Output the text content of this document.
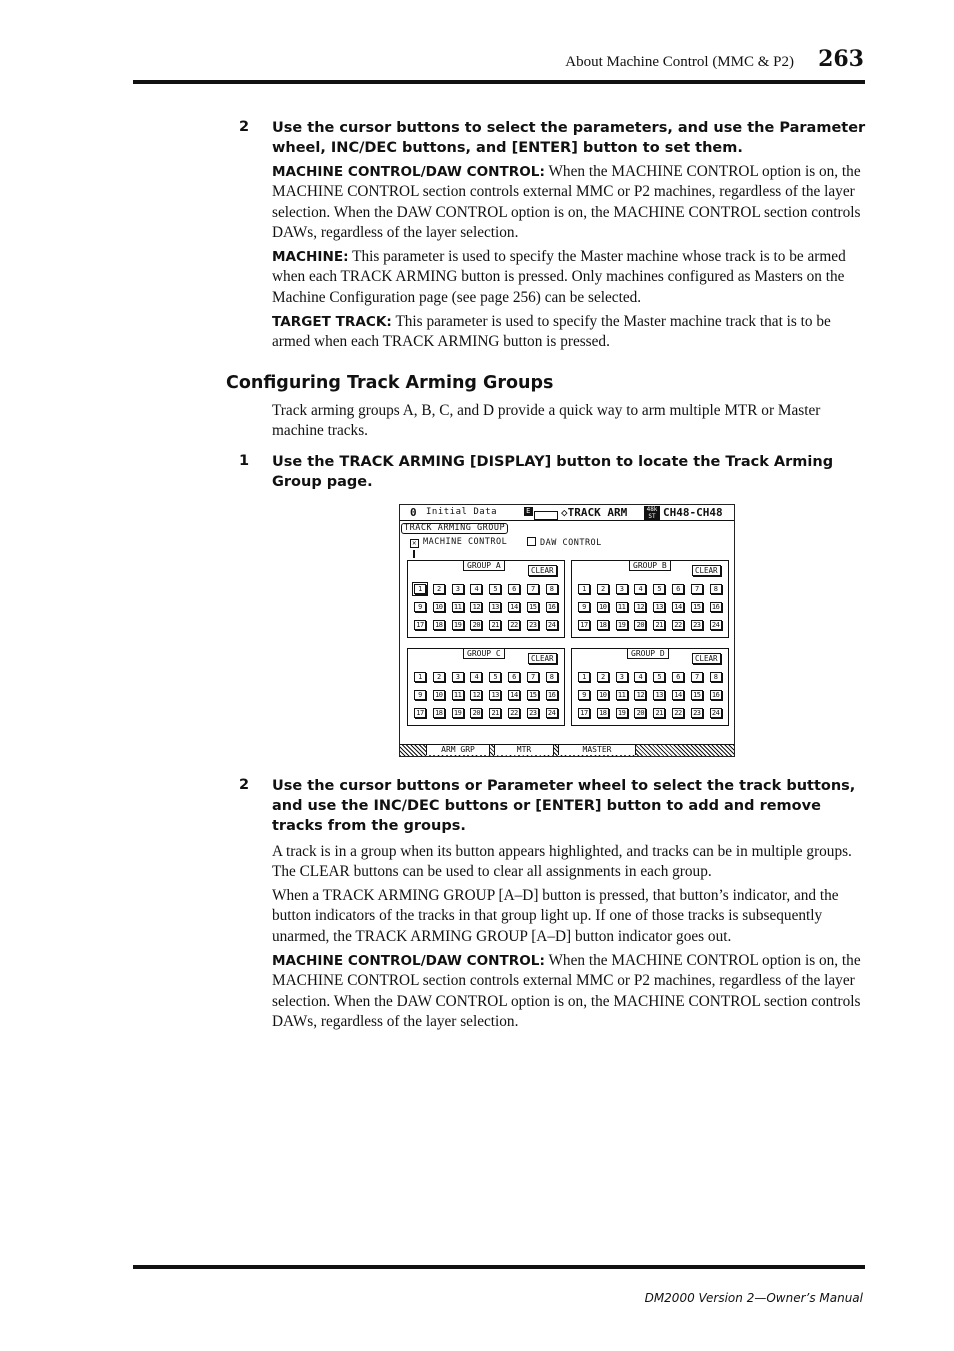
About Machine Control (MMC & P2) 263
2 Use the cursor buttons to select the parameters, and use the Parameter wheel, INC/DEC buttons, and [ENTER] button to set them.
MACHINE CONTROL/DAW CONTROL: When the MACHINE CONTROL option is on, the MACHINE CONTROL section controls external MMC or P2 machines, regardless of the layer selection. When the DAW CONTROL option is on, the MACHINE CONTROL section controls DAWs, regardless of the layer selection.
MACHINE: This parameter is used to specify the Master machine whose track is to be armed when each TRACK ARMING button is pressed. Only machines configured as Masters on the Machine Configuration page (see page 256) can be selected.
TARGET TRACK: This parameter is used to specify the Master machine track that is to be armed when each TRACK ARMING button is pressed.
Configuring Track Arming Groups
Track arming groups A, B, C, and D provide a quick way to arm multiple MTR or Master machine tracks.
1 Use the TRACK ARMING [DISPLAY] button to locate the Track Arming Group page.
0 Initial Data	E	◇TRACK ARM	48k
ST CH48-CH48
TRACK ARMING GROUP
✕ MACHINE CONTROL	DAW CONTROL
GROUP A
CLEAR
1	2	3	4	5	6	7	8
9	10	11	12	13	14	15	16
17	18	19	20	21	22	23	24
GROUP B
CLEAR
1	2	3	4	5	6	7	8
9	10	11	12	13	14	15	16
17	18	19	20	21	22	23	24
GROUP C
CLEAR
1	2	3	4	5	6	7	8
9	10	11	12	13	14	15	16
17	18	19	20	21	22	23	24
GROUP D
CLEAR
1	2	3	4	5	6	7	8
9	10	11	12	13	14	15	16
17	18	19	20	21	22	23	24
ARM GRP	MTR	MASTER
2 Use the cursor buttons or Parameter wheel to select the track buttons, and use the INC/DEC buttons or [ENTER] button to add and remove tracks from the groups.
A track is in a group when its button appears highlighted, and tracks can be in multiple groups. The CLEAR buttons can be used to clear all assignments in each group.
When a TRACK ARMING GROUP [A–D] button is pressed, that button’s indicator, and the button indicators of the tracks in that group light up. If one of those tracks is subsequently unarmed, the TRACK ARMING GROUP [A–D] button indicator goes out.
MACHINE CONTROL/DAW CONTROL: When the MACHINE CONTROL option is on, the MACHINE CONTROL section controls external MMC or P2 machines, regardless of the layer selection. When the DAW CONTROL option is on, the MACHINE CONTROL section controls DAWs, regardless of the layer selection.
DM2000 Version 2—Owner’s Manual
